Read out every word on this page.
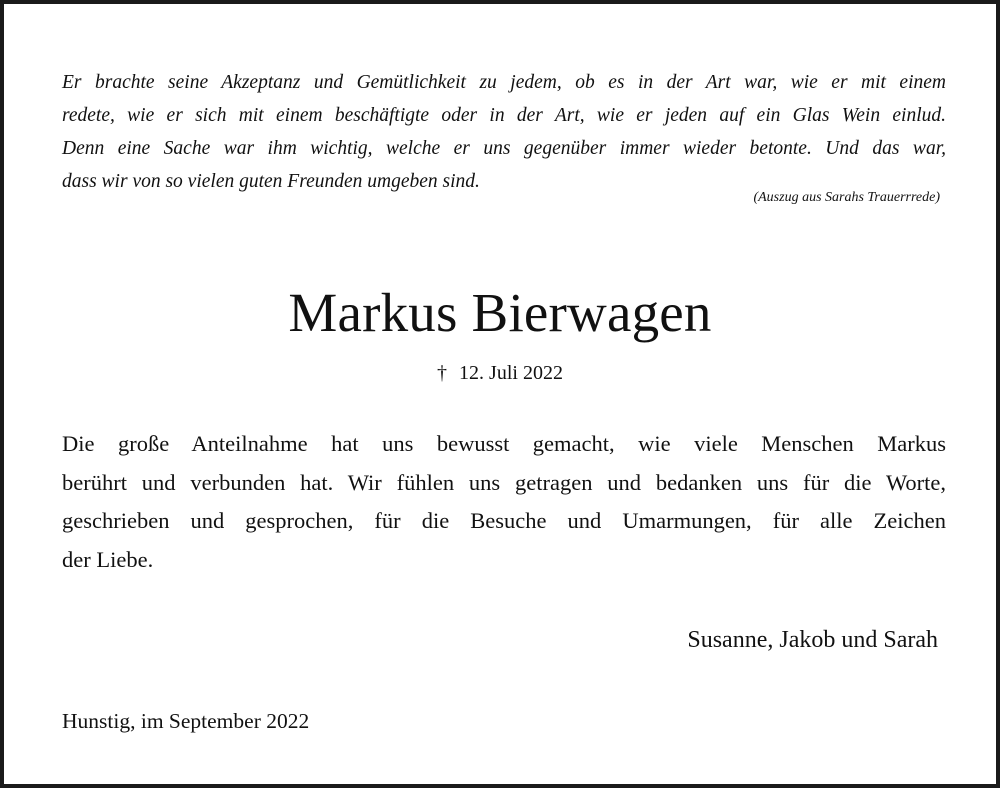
Er brachte seine Akzeptanz und Gemütlichkeit zu jedem, ob es in der Art war, wie er mit einem
redete, wie er sich mit einem beschäftigte oder in der Art, wie er jeden auf ein Glas Wein einlud.
Denn eine Sache war ihm wichtig, welche er uns gegenüber immer wieder betonte. Und das war,
dass wir von so vielen guten Freunden umgeben sind.

(Auszug aus Sarahs Trauerrrede)
Markus Bierwagen
† 12. Juli 2022
Die große Anteilnahme hat uns bewusst gemacht, wie viele Menschen Markus
berührt und verbunden hat. Wir fühlen uns getragen und bedanken uns für die Worte,
geschrieben und gesprochen, für die Besuche und Umarmungen, für alle Zeichen
der Liebe.
Susanne, Jakob und Sarah
Hunstig, im September 2022
